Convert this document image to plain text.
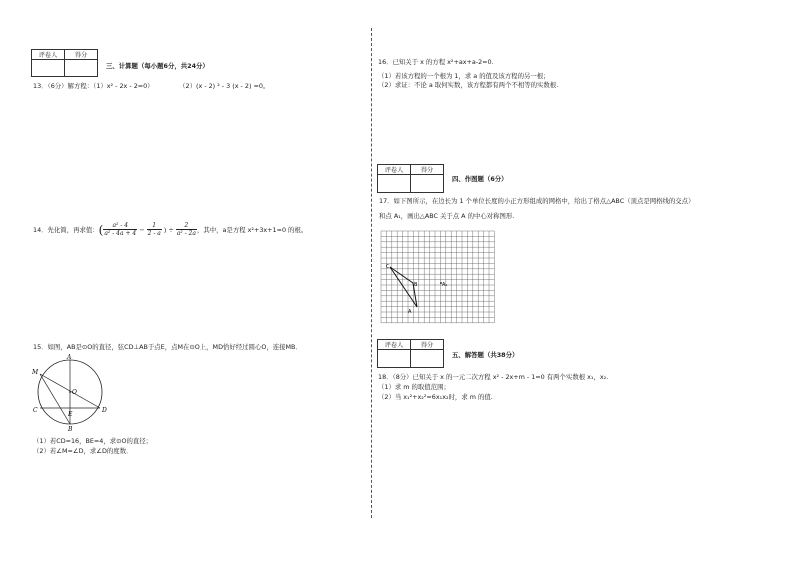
评卷人	得分

三、计算题（每小题6分，共24分）
13．（6分）解方程：（1）x² - 2x - 2=0）　　　　　（2）(x - 2) ² - 3 (x - 2) =0。
14．先化简，再求值： ( $\frac{\text{a² - 4}}{\text{a² - 4a + 4}} - \frac{1}{2 - a}$ ) ÷ $\frac{2}{\text{a² - 2a}}$ ，其中，a是方程 x²+3x+1=0 的根。
15．如图，AB是⊙O的直径，弦CD⊥AB于点E，点M在⊙O上，MD恰好经过圆心O，连接MB．
A
B
C	D
E
M
O
（1）若CD=16，BE=4，求⊙O的直径；
（2）若∠M=∠D，求∠D的度数．
16．已知关于 x 的方程 x²+ax+a-2=0.
（1）若该方程的一个根为 1，求 a 的值及该方程的另一根；
（2）求证：不论 a 取何实数，该方程都有两个不相等的实数根.
评卷人	得分

四、作图题（6分）
17．如下图所示，在边长为 1 个单位长度的小正方形组成的网格中，给出了格点△ABC（顶点是网格线的交点）
和点 A₁，画出△ABC 关于点 A 的中心对称图形.
C
B
A
A₁
评卷人	得分

五、解答题（共38分）
18．（8分）已知关于 x 的一元二次方程 x² - 2x+m - 1=0 有两个实数根 x₁，x₂.
（1）求 m 的取值范围；
（2）当 x₁²+x₂²=6x₁x₂时，求 m 的值.
